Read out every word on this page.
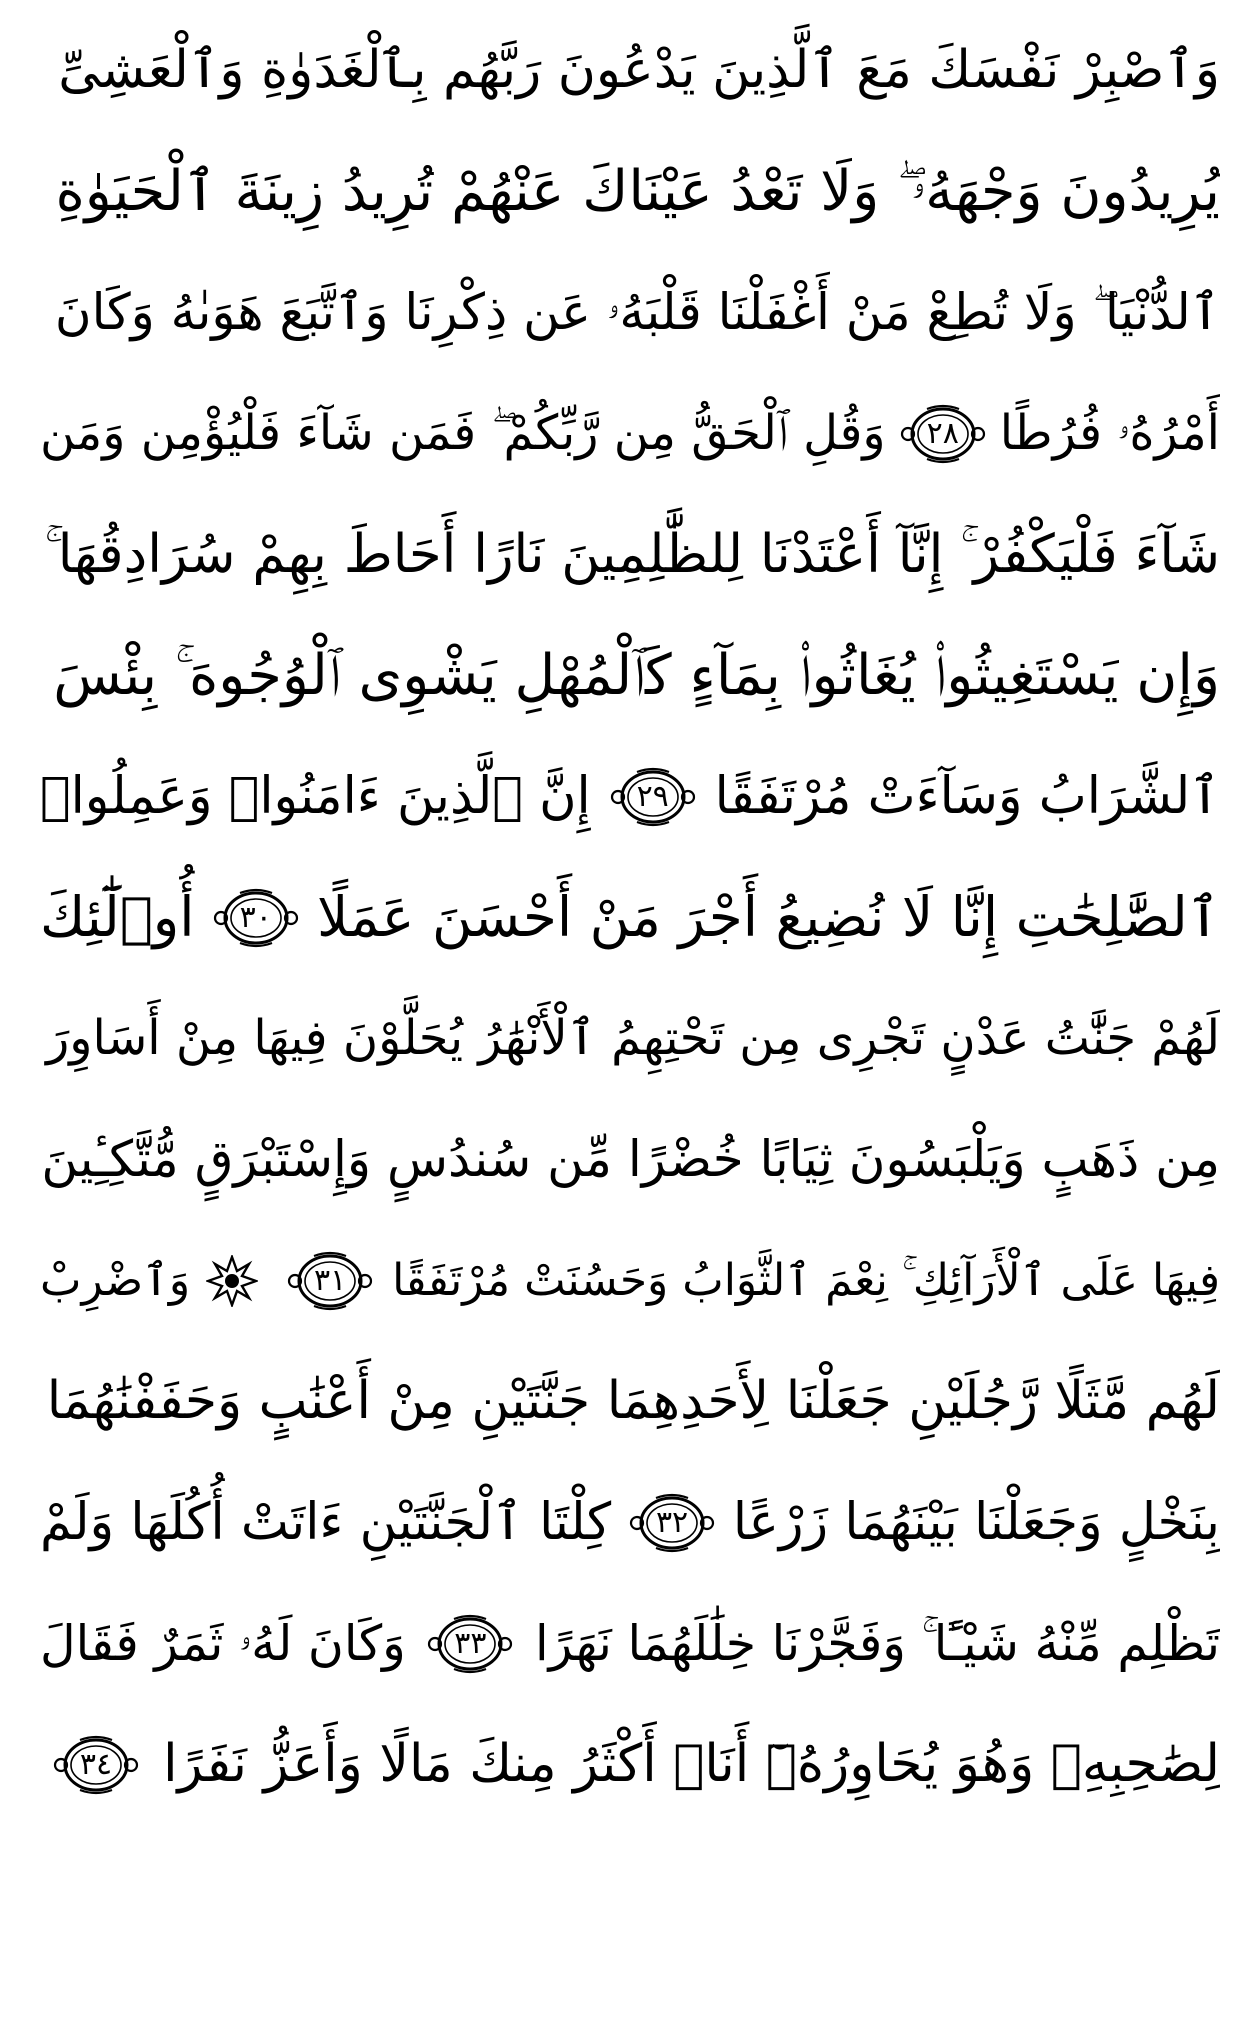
وَٱصْبِرْ نَفْسَكَ مَعَ ٱلَّذِينَ يَدْعُونَ رَبَّهُم بِٱلْغَدَوٰةِ وَٱلْعَشِىِّ
يُرِيدُونَ وَجْهَهُۥ ۖ وَلَا تَعْدُ عَيْنَاكَ عَنْهُمْ تُرِيدُ زِينَةَ ٱلْحَيَوٰةِ
ٱلدُّنْيَا ۖ وَلَا تُطِعْ مَنْ أَغْفَلْنَا قَلْبَهُۥ عَن ذِكْرِنَا وَٱتَّبَعَ هَوَىٰهُ وَكَانَ
أَمْرُهُۥ فُرُطًا
٢٨
وَقُلِ ٱلْحَقُّ مِن رَّبِّكُمْ ۖ فَمَن شَآءَ فَلْيُؤْمِن وَمَن
شَآءَ فَلْيَكْفُرْ ۚ إِنَّآ أَعْتَدْنَا لِلظَّٰلِمِينَ نَارًا أَحَاطَ بِهِمْ سُرَادِقُهَا ۚ
وَإِن يَسْتَغِيثُوا۟ يُغَاثُوا۟ بِمَآءٍ كَٱلْمُهْلِ يَشْوِى ٱلْوُجُوهَ ۚ بِئْسَ
ٱلشَّرَابُ وَسَآءَتْ مُرْتَفَقًا
٢٩
إِنَّ ٱلَّذِينَ ءَامَنُوا۟ وَعَمِلُوا۟
ٱلصَّٰلِحَٰتِ إِنَّا لَا نُضِيعُ أَجْرَ مَنْ أَحْسَنَ عَمَلًا
٣٠
أُو۟لَٰٓئِكَ
لَهُمْ جَنَّٰتُ عَدْنٍ تَجْرِى مِن تَحْتِهِمُ ٱلْأَنْهَٰرُ يُحَلَّوْنَ فِيهَا مِنْ أَسَاوِرَ
مِن ذَهَبٍ وَيَلْبَسُونَ ثِيَابًا خُضْرًا مِّن سُندُسٍ وَإِسْتَبْرَقٍ مُّتَّكِـِٔينَ
فِيهَا عَلَى ٱلْأَرَآئِكِ ۚ نِعْمَ ٱلثَّوَابُ وَحَسُنَتْ مُرْتَفَقًا
٣١
وَٱضْرِبْ
لَهُم مَّثَلًا رَّجُلَيْنِ جَعَلْنَا لِأَحَدِهِمَا جَنَّتَيْنِ مِنْ أَعْنَٰبٍ وَحَفَفْنَٰهُمَا
بِنَخْلٍ وَجَعَلْنَا بَيْنَهُمَا زَرْعًا
٣٢
كِلْتَا ٱلْجَنَّتَيْنِ ءَاتَتْ أُكُلَهَا وَلَمْ
تَظْلِم مِّنْهُ شَيْـًٔا ۚ وَفَجَّرْنَا خِلَٰلَهُمَا نَهَرًا
٣٣
وَكَانَ لَهُۥ ثَمَرٌ فَقَالَ
لِصَٰحِبِهِۦ وَهُوَ يُحَاوِرُهُۥٓ أَنَا۠ أَكْثَرُ مِنكَ مَالًا وَأَعَزُّ نَفَرًا
٣٤
